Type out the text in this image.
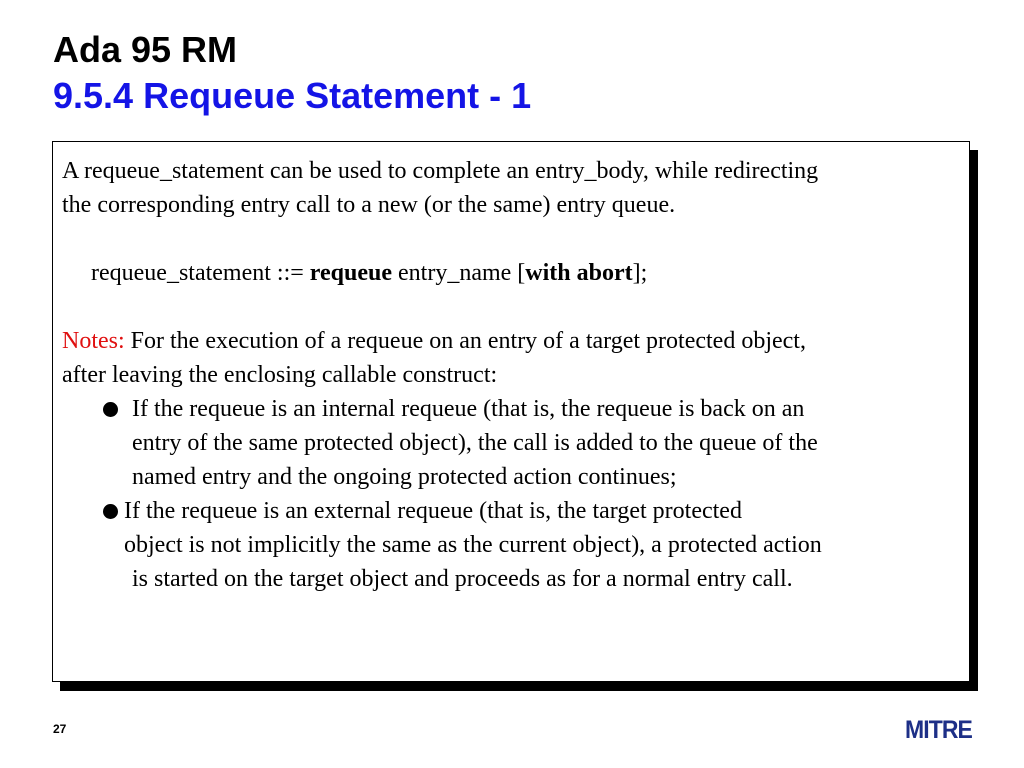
Ada 95 RM
9.5.4 Requeue Statement - 1

A requeue_statement can be used to complete an entry_body, while redirecting

the corresponding entry call to a new (or the same) entry queue.

requeue_statement ::= requeue entry_name [with abort];

Notes: For the execution of a requeue on an entry of a target protected object,

after leaving the enclosing callable construct:

If the requeue is an internal requeue (that is, the requeue is back on an

entry of the same protected object), the call is added to the queue of the

named entry and the ongoing protected action continues;

If the requeue is an external requeue (that is, the target protected

object is not implicitly the same as the current object), a protected action

is started on the target object and proceeds as for a normal entry call.

27	MITRE
